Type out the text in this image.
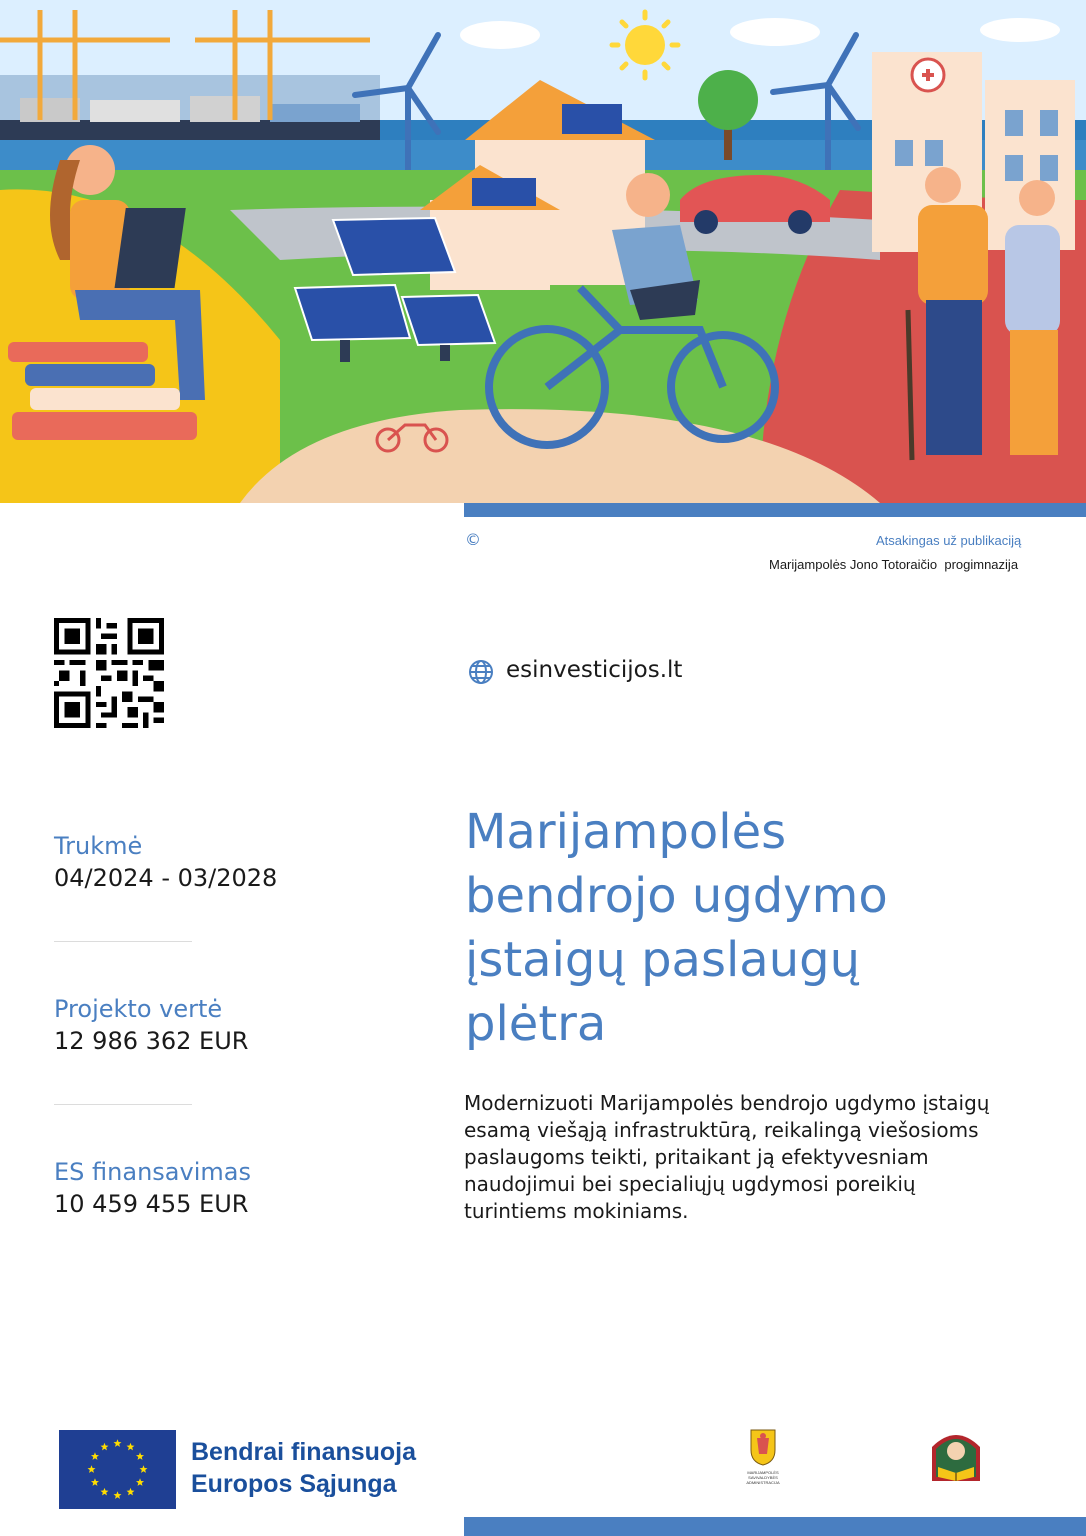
©	Atsakingas už publikaciją
Marijampolės Jono Totoraičio  progimnazija
esinvesticijos.lt
Trukmė
04/2024 - 03/2028
Projekto vertė
12 986 362 EUR
ES finansavimas
10 459 455 EUR
Marijampolės
bendrojo ugdymo
įstaigų paslaugų
plėtra

Modernizuoti Marijampolės bendrojo ugdymo įstaigų
esamą viešąją infrastruktūrą, reikalingą viešosioms
paslaugoms teikti, pritaikant ją efektyvesniam
naudojimui bei specialiųjų ugdymosi poreikių
turintiems mokiniams.

Bendrai finansuoja
Europos Sąjunga	MARIJAMPOLĖS SAVIVALDYBĖS ADMINISTRACIJA
